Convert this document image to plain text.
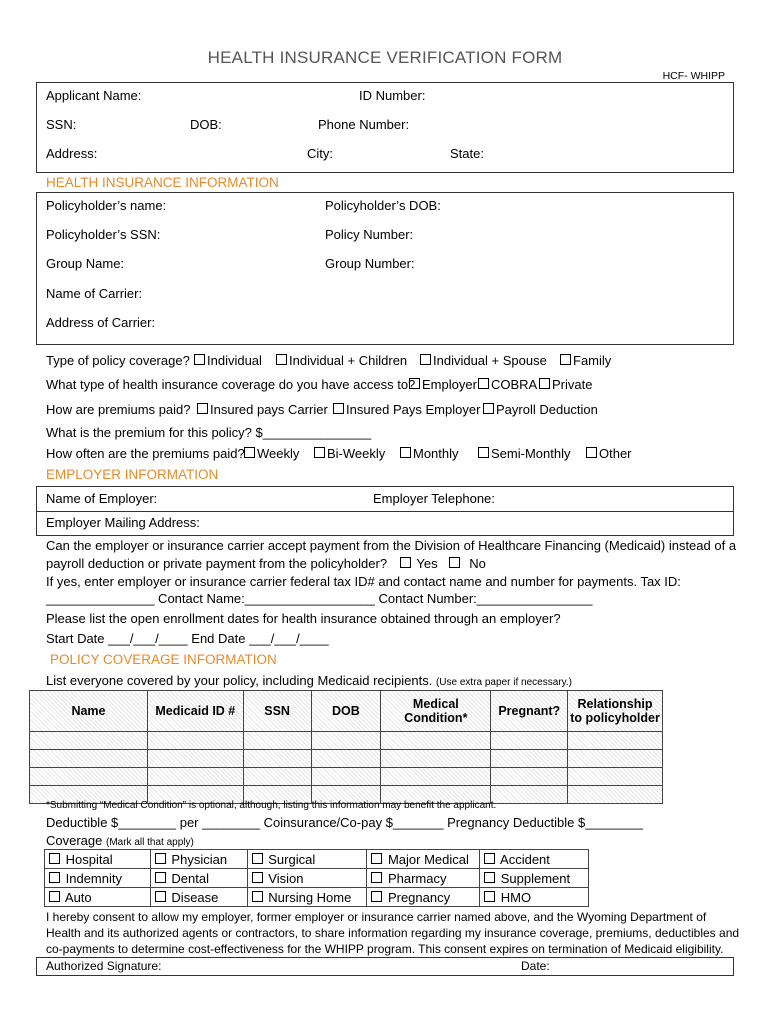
HEALTH INSURANCE VERIFICATION FORM
HCF- WHIPP
Applicant Name:	ID Number:
SSN:	DOB:	Phone Number:
Address:	City:	State:
HEALTH INSURANCE INFORMATION
Policyholder’s name:	Policyholder’s DOB:
Policyholder’s SSN:	Policy Number:
Group Name:	Group Number:
Name of Carrier:
Address of Carrier:
Type of policy coverage?	Individual	Individual + Children	Individual + Spouse	Family
What type of health insurance coverage do you have access to? Employer	COBRA	Private
How are premiums paid?	Insured pays Carrier	Insured Pays Employer	Payroll Deduction
What is the premium for this policy? $_______________
How often are the premiums paid? Weekly	Bi-Weekly	Monthly	Semi-Monthly	Other
EMPLOYER INFORMATION
Name of Employer:	Employer Telephone:
Employer Mailing Address:
Can the employer or insurance carrier accept payment from the Division of Healthcare Financing (Medicaid) instead of a
payroll deduction or private payment from the policyholder?	Yes	No
If yes, enter employer or insurance carrier federal tax ID# and contact name and number for payments. Tax ID:
_______________ Contact Name:__________________ Contact Number:________________
Please list the open enrollment dates for health insurance obtained through an employer?
Start Date ___/___/____ End Date ___/___/____
POLICY COVERAGE INFORMATION
List everyone covered by your policy, including Medicaid recipients. (Use extra paper if necessary.)
Name	Medicaid ID #	SSN	DOB	Medical Condition*	Pregnant?	Relationship to policyholder

*Submitting “Medical Condition” is optional, although, listing this information may benefit the applicant.
Deductible $________ per ________ Coinsurance/Co-pay $_______ Pregnancy Deductible $________
Coverage (Mark all that apply)
Hospital	Physician	Surgical	Major Medical	Accident
Indemnity	Dental	Vision	Pharmacy	Supplement
Auto	Disease	Nursing Home	Pregnancy	HMO
I hereby consent to allow my employer, former employer or insurance carrier named above, and the Wyoming Department of
Health and its authorized agents or contractors, to share information regarding my insurance coverage, premiums, deductibles and
co-payments to determine cost-effectiveness for the WHIPP program. This consent expires on termination of Medicaid eligibility.
Authorized Signature:	Date:
